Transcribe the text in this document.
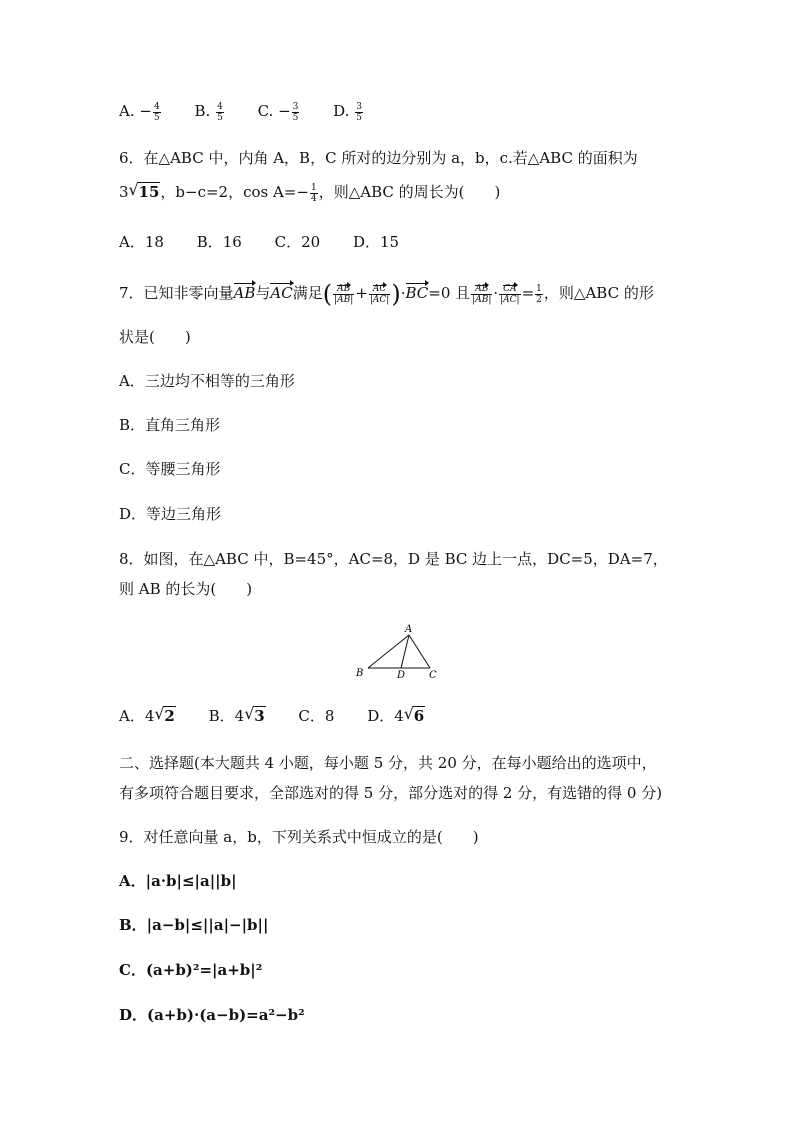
A. − $\frac{4}{5} B$. $\frac{4}{5} C$. − $\frac{3}{5} D$. $\frac{3}{5}$
6．在△ABC 中，内角 A，B，C 所对的边分别为 a，b，c.若△ABC 的面积为
3 √ 15，b−c=2，$\cos A=- \frac{1}{4}$ ，则△ABC 的周长为(　　)
A．18 B．16 C．20 D．15
7．已知非零向量AB与AC满足( $\frac{AB}{|AB|} + \frac{AC}{|AC|} )\cdot BC=0$ 且 $\frac{AB}{|AB|} \cdot \frac{CA}{|AC|} = \frac{1}{2}$ ，则△ABC 的形
状是(　　)
A．三边均不相等的三角形
B．直角三角形
C．等腰三角形
D．等边三角形
8．如图，在△ABC 中，B=45°，AC=8，D 是 BC 边上一点，DC=5，DA=7，
则 AB 的长为(　　)
A
B	D C
A．4 √ 2 B．4 √ 3 C．8 D．4 √ 6
二、选择题(本大题共 4 小题，每小题 5 分，共 20 分，在每小题给出的选项中，
有多项符合题目要求，全部选对的得 5 分，部分选对的得 2 分，有选错的得 0 分)
9．对任意向量 a，b，下列关系式中恒成立的是(　　)
A．|a·b|≤|a||b|
B．|a−b|≤||a|−|b||
C．(a+b)²=|a+b|²
D．(a+b)·(a−b)=a²−b²
